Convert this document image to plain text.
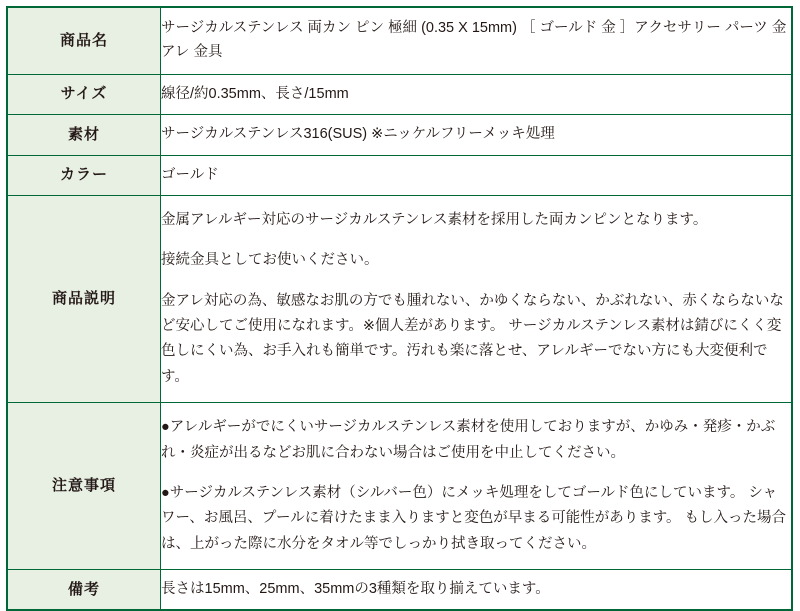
商品名	サージカルステンレス 両カン ピン 極細 (0.35 X 15mm) ［ ゴールド 金 ］アクセサリー パーツ 金アレ 金具

サイズ	線径/約0.35mm、長さ/15mm

素材	サージカルステンレス316(SUS) ※ニッケルフリーメッキ処理

カラー	ゴールド

商品説明	金属アレルギー対応のサージカルステンレス素材を採用した両カンピンとなります。

接続金具としてお使いください。

金アレ対応の為、敏感なお肌の方でも腫れない、かゆくならない、かぶれない、赤くならないなど安心してご使用になれます。※個人差があります。 サージカルステンレス素材は錆びにくく変色しにくい為、お手入れも簡単です。汚れも楽に落とせ、アレルギーでない方にも大変便利です。

注意事項	●アレルギーがでにくいサージカルステンレス素材を使用しておりますが、かゆみ・発疹・かぶれ・炎症が出るなどお肌に合わない場合はご使用を中止してください。

●サージカルステンレス素材（シルバー色）にメッキ処理をしてゴールド色にしています。 シャワー、お風呂、プールに着けたまま入りますと変色が早まる可能性があります。 もし入った場合は、上がった際に水分をタオル等でしっかり拭き取ってください。

備考	長さは15mm、25mm、35mmの3種類を取り揃えています。
